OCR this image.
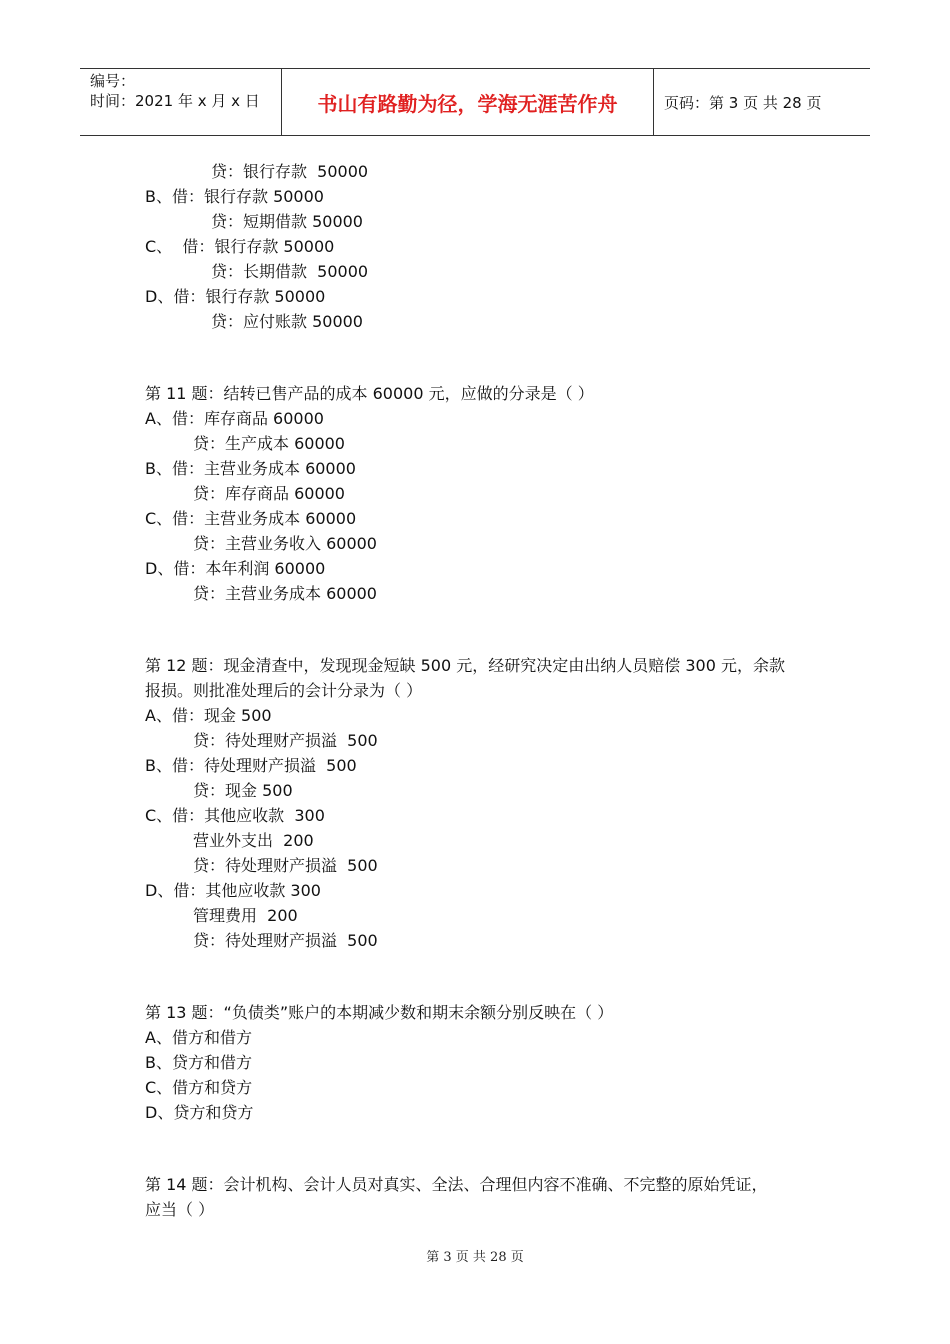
编号：
时间：2021 年 x 月 x 日	书山有路勤为径，学海无涯苦作舟	页码：第 3 页 共 28 页
贷：银行存款  50000
B、借：银行存款 50000
贷：短期借款 50000
C、  借：银行存款 50000
贷：长期借款  50000
D、借：银行存款 50000
贷：应付账款 50000
第 11 题：结转已售产品的成本 60000 元，应做的分录是（ ）
A、借：库存商品 60000
贷：生产成本 60000
B、借：主营业务成本 60000
贷：库存商品 60000
C、借：主营业务成本 60000
贷：主营业务收入 60000
D、借：本年利润 60000
贷：主营业务成本 60000
第 12 题：现金清查中，发现现金短缺 500 元，经研究决定由出纳人员赔偿 300 元，余款
报损。则批准处理后的会计分录为（ ）
A、借：现金 500
贷：待处理财产损溢  500
B、借：待处理财产损溢  500
贷：现金 500
C、借：其他应收款  300
营业外支出  200
贷：待处理财产损溢  500
D、借：其他应收款 300
管理费用  200
贷：待处理财产损溢  500
第 13 题：“负债类”账户的本期减少数和期末余额分别反映在（ ）
A、借方和借方
B、贷方和借方
C、借方和贷方
D、贷方和贷方
第 14 题：会计机构、会计人员对真实、全法、合理但内容不准确、不完整的原始凭证，
应当（ ）
第 3 页 共 28 页
